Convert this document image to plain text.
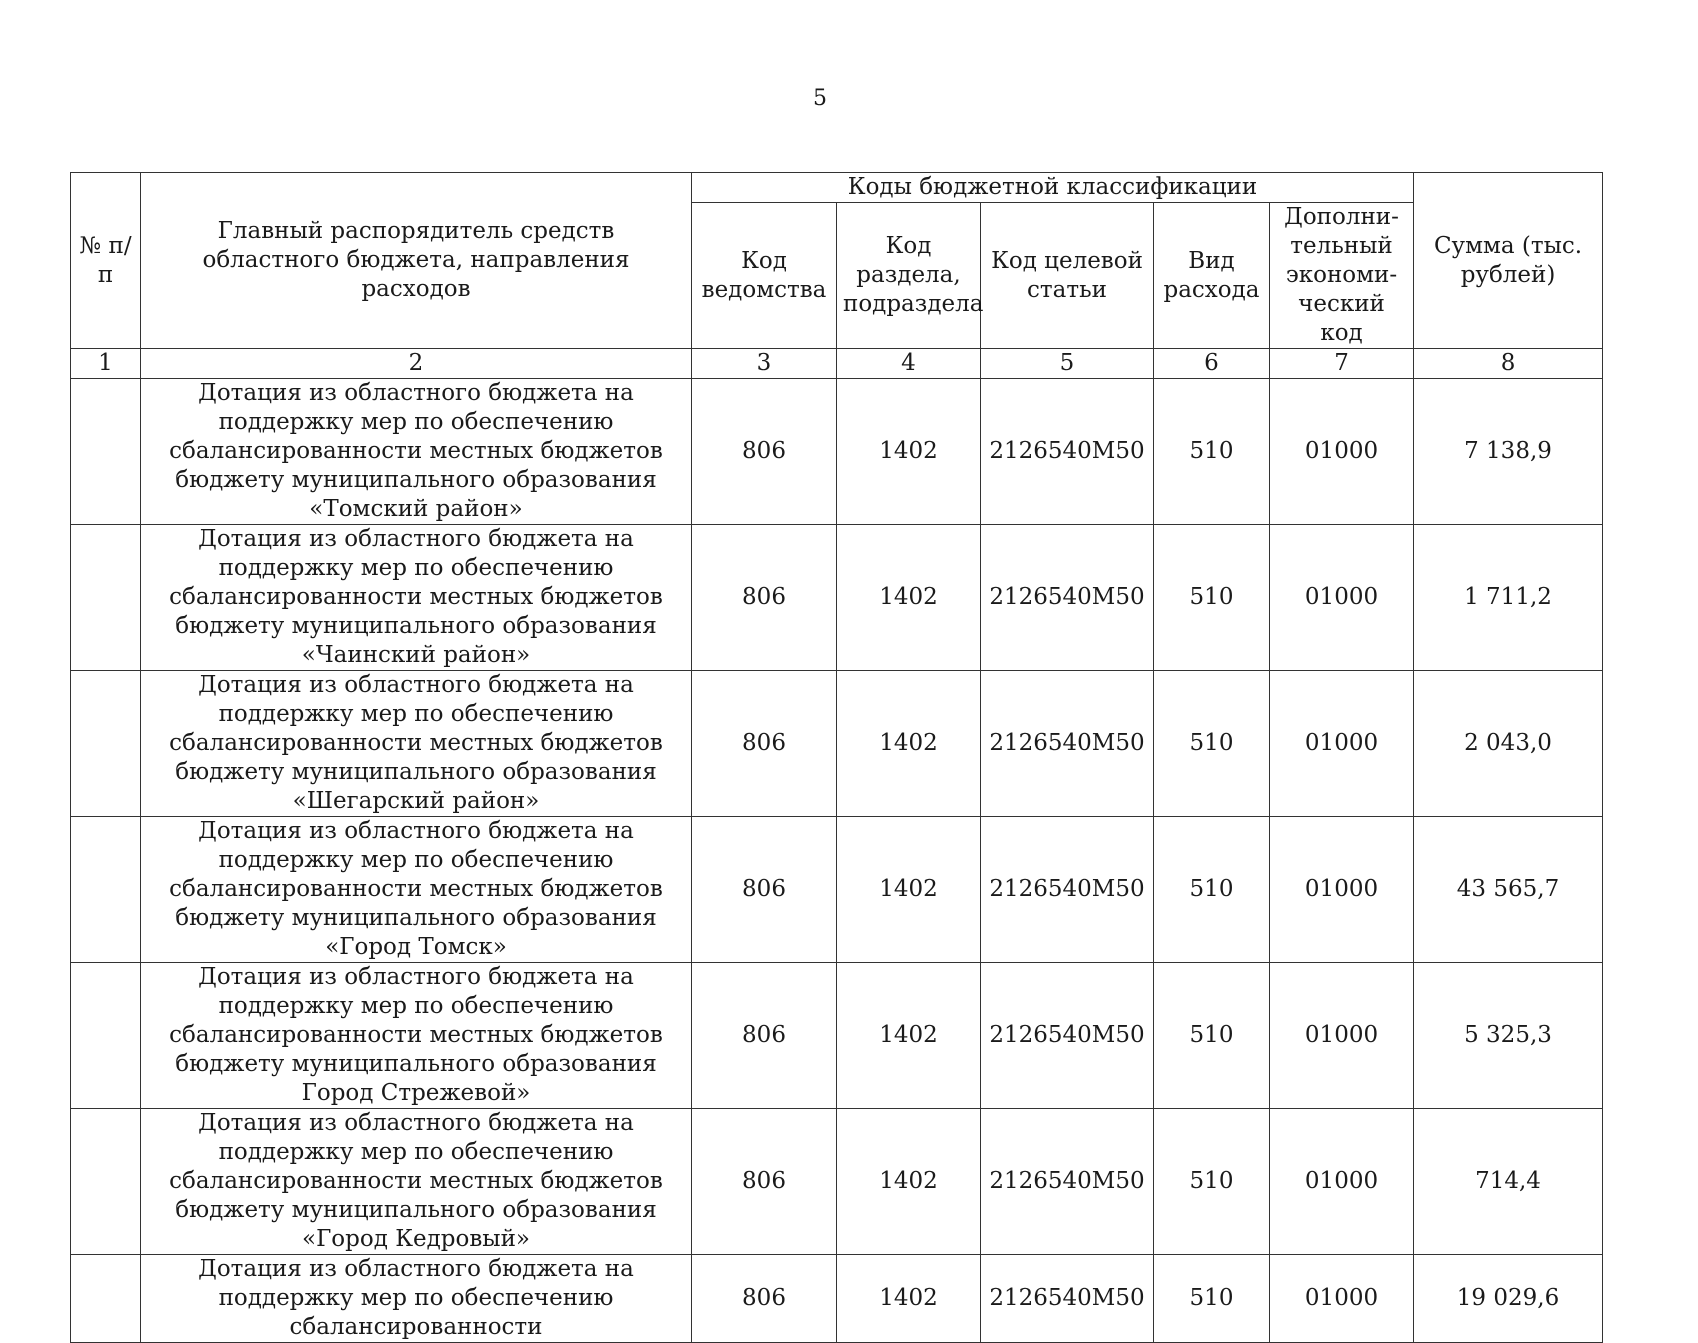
5
№ п/п	Главный распорядитель средств областного бюджета, направления расходов	Коды бюджетной классификации					Сумма (тыс. рублей)
		Код ведомства	Код раздела, подраздела	Код целевой статьи	Вид расхода	Дополни-тельный экономи-ческий код	
1	2	3	4	5	6	7	8
	Дотация из областного бюджета на поддержку мер по обеспечению сбалансированности местных бюджетов бюджету муниципального образования «Томский район»	806	1402	2126540M50	510	01000	7 138,9
	Дотация из областного бюджета на поддержку мер по обеспечению сбалансированности местных бюджетов бюджету муниципального образования «Чаинский район»	806	1402	2126540M50	510	01000	1 711,2
	Дотация из областного бюджета на поддержку мер по обеспечению сбалансированности местных бюджетов бюджету муниципального образования «Шегарский район»	806	1402	2126540M50	510	01000	2 043,0
	Дотация из областного бюджета на поддержку мер по обеспечению сбалансированности местных бюджетов бюджету муниципального образования «Город Томск»	806	1402	2126540M50	510	01000	43 565,7
	Дотация из областного бюджета на поддержку мер по обеспечению сбалансированности местных бюджетов бюджету муниципального образования Город Стрежевой»	806	1402	2126540M50	510	01000	5 325,3
	Дотация из областного бюджета на поддержку мер по обеспечению сбалансированности местных бюджетов бюджету муниципального образования «Город Кедровый»	806	1402	2126540M50	510	01000	714,4
	Дотация из областного бюджета на поддержку мер по обеспечению сбалансированности	806	1402	2126540M50	510	01000	19 029,6
